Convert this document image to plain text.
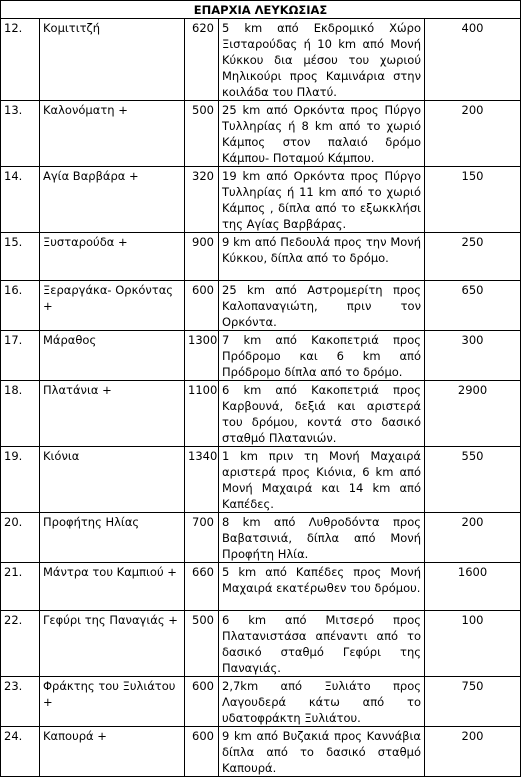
ΕΠΑΡΧΙΑ ΛΕΥΚΩΣΙΑΣ				
12.	Κομιτιτζή	620	5 km από Εκδρομικό Χώρο Ξισταρούδας ή 10 km από Μονή Κύκκου δια μέσου του χωριού Μηλικούρι προς Καμινάρια στην κοιλάδα του Πλατύ.	400
13.	Καλονόματη +	500	25 km από Ορκόντα προς Πύργο Τυλληρίας ή 8 km από το χωριό Κάμπος στον παλαιό δρόμο Κάμπου- Ποταμού Κάμπου.	200
14.	Αγία Βαρβάρα +	320	19 km από Ορκόντα προς Πύργο Τυλληρίας ή 11 km από το χωριό Κάμπος , δίπλα από το εξωκκλήσι της Αγίας Βαρβάρας.	150
15.	Ξυσταρούδα +	900	9 km από Πεδουλά προς την Μονή Κύκκου, δίπλα από το δρόμο.	250
16.	Ξεραργάκα- Ορκόντας +	600	25 km από Αστρομερίτη προς Καλοπαναγιώτη, πριν τον Ορκόντα.	650
17.	Μάραθος	1300	7 km από Κακοπετριά προς Πρόδρομο και 6 km από Πρόδρομο δίπλα από το δρόμο.	300
18.	Πλατάνια +	1100	6 km από Κακοπετριά προς Καρβουνά, δεξιά και αριστερά του δρόμου, κοντά στο δασικό σταθμό Πλατανιών.	2900
19.	Κιόνια	1340	1 km πριν τη Μονή Μαχαιρά αριστερά προς Κιόνια, 6 km από Μονή Μαχαιρά και 14 km από Καπέδες.	550
20.	Προφήτης Ηλίας	700	8 km από Λυθροδόντα προς Βαβατσινιά, δίπλα από Μονή Προφήτη Ηλία.	200
21.	Μάντρα του Καμπιού +	660	5 km από Καπέδες προς Μονή Μαχαιρά εκατέρωθεν του δρόμου.	1600
22.	Γεφύρι της Παναγιάς +	500	6 km από Μιτσερό προς Πλατανιστάσα απέναντι από το δασικό σταθμό Γεφύρι της Παναγιάς.	100
23.	Φράκτης του Ξυλιάτου +	600	2,7km από Ξυλιάτο προς Λαγουδερά κάτω από το υδατοφράκτη Ξυλιάτου.	750
24.	Καπουρά +	600	9 km από Βυζακιά προς Καννάβια δίπλα από το δασικό σταθμό Καπουρά.	200
